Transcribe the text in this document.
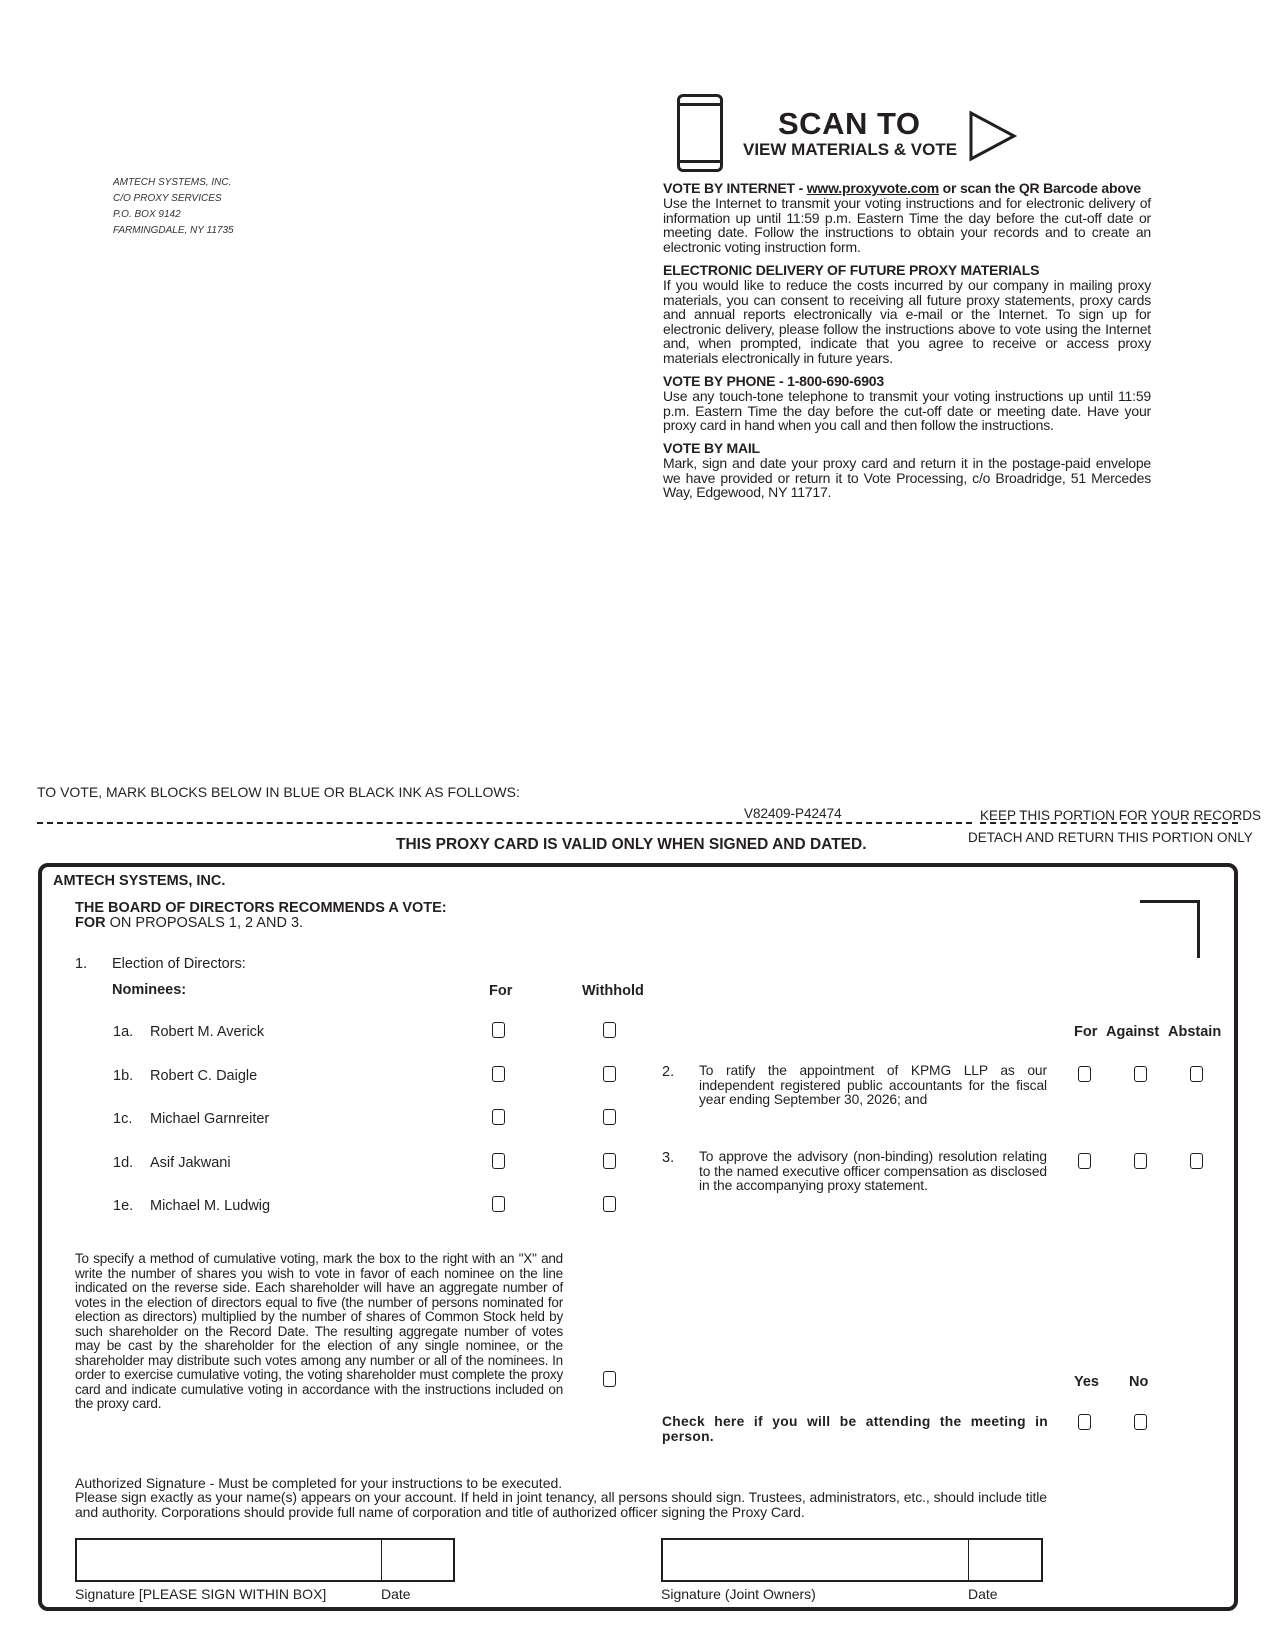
AMTECH SYSTEMS, INC.
C/O PROXY SERVICES
P.O. BOX 9142
FARMINGDALE, NY 11735
SCAN TO
VIEW MATERIALS & VOTE
VOTE BY INTERNET - www.proxyvote.com or scan the QR Barcode above

Use the Internet to transmit your voting instructions and for electronic delivery of information up until 11:59 p.m. Eastern Time the day before the cut-off date or meeting date. Follow the instructions to obtain your records and to create an electronic voting instruction form.

ELECTRONIC DELIVERY OF FUTURE PROXY MATERIALS

If you would like to reduce the costs incurred by our company in mailing proxy materials, you can consent to receiving all future proxy statements, proxy cards and annual reports electronically via e-mail or the Internet. To sign up for electronic delivery, please follow the instructions above to vote using the Internet and, when prompted, indicate that you agree to receive or access proxy materials electronically in future years.

VOTE BY PHONE - 1-800-690-6903

Use any touch-tone telephone to transmit your voting instructions up until 11:59 p.m. Eastern Time the day before the cut-off date or meeting date. Have your proxy card in hand when you call and then follow the instructions.

VOTE BY MAIL

Mark, sign and date your proxy card and return it in the postage-paid envelope we have provided or return it to Vote Processing, c/o Broadridge, 51 Mercedes Way, Edgewood, NY 11717.

TO VOTE, MARK BLOCKS BELOW IN BLUE OR BLACK INK AS FOLLOWS:
V82409-P42474	KEEP THIS PORTION FOR YOUR RECORDS
DETACH AND RETURN THIS PORTION ONLY
THIS PROXY CARD IS VALID ONLY WHEN SIGNED AND DATED.
AMTECH SYSTEMS, INC.
THE BOARD OF DIRECTORS RECOMMENDS A VOTE:
FOR ON PROPOSALS 1, 2 AND 3.
1. Election of Directors:
Nominees:	For	Withhold
1a. Robert M. Averick
1b. Robert C. Daigle
1c. Michael Garnreiter
1d. Asif Jakwani
1e. Michael M. Ludwig
For Against Abstain
2. To ratify the appointment of KPMG LLP as our independent registered public accountants for the fiscal year ending September 30, 2026; and
3. To approve the advisory (non-binding) resolution relating to the named executive officer compensation as disclosed in the accompanying proxy statement.
To specify a method of cumulative voting, mark the box to the right with an "X" and write the number of shares you wish to vote in favor of each nominee on the line indicated on the reverse side. Each shareholder will have an aggregate number of votes in the election of directors equal to five (the number of persons nominated for election as directors) multiplied by the number of shares of Common Stock held by such shareholder on the Record Date. The resulting aggregate number of votes may be cast by the shareholder for the election of any single nominee, or the shareholder may distribute such votes among any number or all of the nominees. In order to exercise cumulative voting, the voting shareholder must complete the proxy card and indicate cumulative voting in accordance with the instructions included on the proxy card.
Yes No
Check here if you will be attending the meeting in person.
Authorized Signature - Must be completed for your instructions to be executed.
Please sign exactly as your name(s) appears on your account. If held in joint tenancy, all persons should sign. Trustees, administrators, etc., should include title and authority. Corporations should provide full name of corporation and title of authorized officer signing the Proxy Card.
Signature [PLEASE SIGN WITHIN BOX]	Date	Signature (Joint Owners)	Date
